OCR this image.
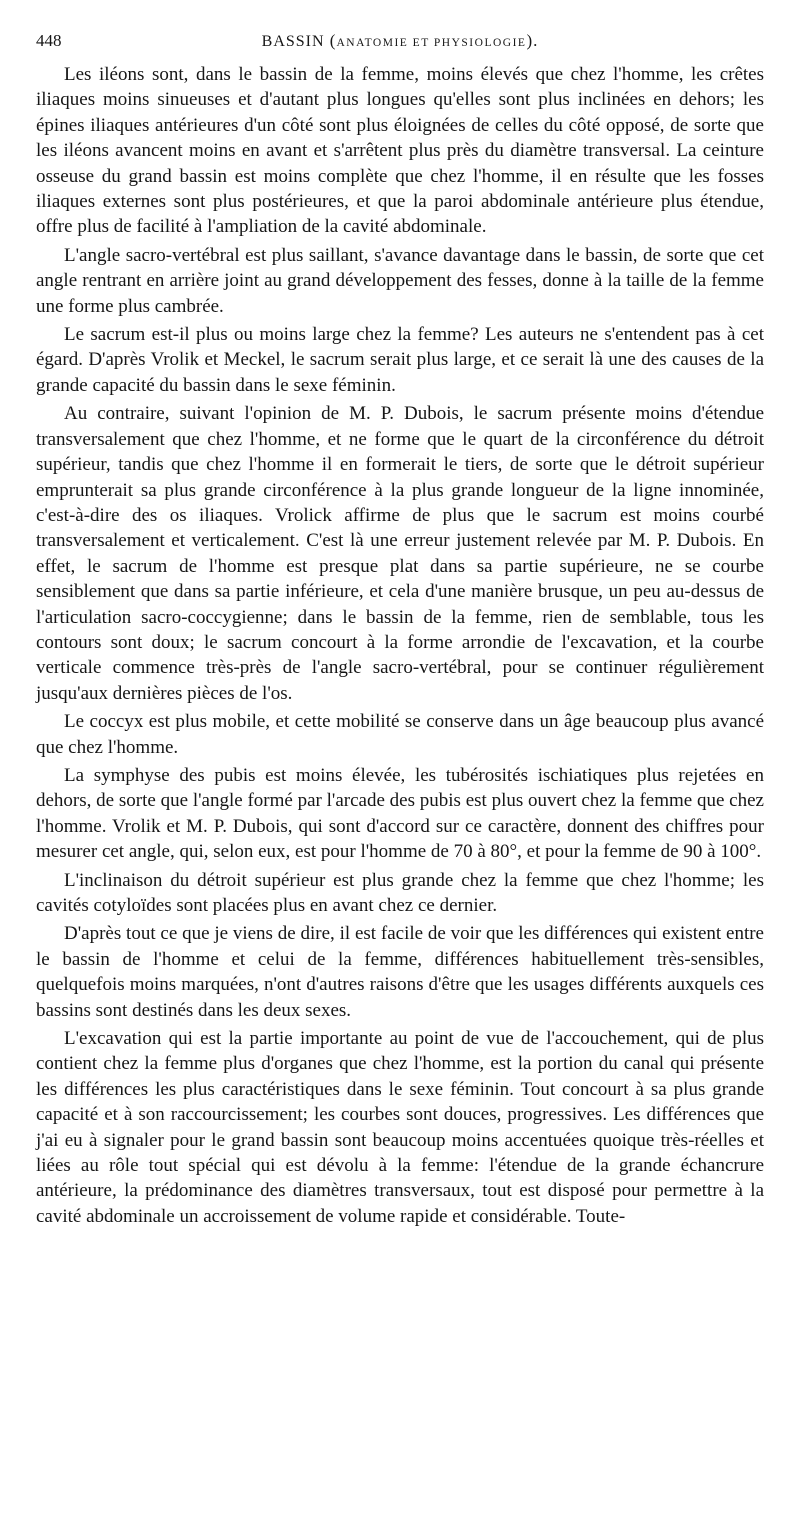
448	BASSIN (ANATOMIE ET PHYSIOLOGIE).

Les iléons sont, dans le bassin de la femme, moins élevés que chez l'homme, les crêtes iliaques moins sinueuses et d'autant plus longues qu'elles sont plus inclinées en dehors; les épines iliaques antérieures d'un côté sont plus éloignées de celles du côté opposé, de sorte que les iléons avancent moins en avant et s'arrêtent plus près du diamètre transversal. La ceinture osseuse du grand bassin est moins complète que chez l'homme, il en résulte que les fosses iliaques externes sont plus postérieures, et que la paroi abdominale antérieure plus étendue, offre plus de facilité à l'ampliation de la cavité abdominale.

L'angle sacro-vertébral est plus saillant, s'avance davantage dans le bassin, de sorte que cet angle rentrant en arrière joint au grand développement des fesses, donne à la taille de la femme une forme plus cambrée.

Le sacrum est-il plus ou moins large chez la femme? Les auteurs ne s'entendent pas à cet égard. D'après Vrolik et Meckel, le sacrum serait plus large, et ce serait là une des causes de la grande capacité du bassin dans le sexe féminin.

Au contraire, suivant l'opinion de M. P. Dubois, le sacrum présente moins d'étendue transversalement que chez l'homme, et ne forme que le quart de la circonférence du détroit supérieur, tandis que chez l'homme il en formerait le tiers, de sorte que le détroit supérieur emprunterait sa plus grande circonférence à la plus grande longueur de la ligne innominée, c'est-à-dire des os iliaques. Vrolick affirme de plus que le sacrum est moins courbé transversalement et verticalement. C'est là une erreur justement relevée par M. P. Dubois. En effet, le sacrum de l'homme est presque plat dans sa partie supérieure, ne se courbe sensiblement que dans sa partie inférieure, et cela d'une manière brusque, un peu au-dessus de l'articulation sacro-coccygienne; dans le bassin de la femme, rien de semblable, tous les contours sont doux; le sacrum concourt à la forme arrondie de l'excavation, et la courbe verticale commence très-près de l'angle sacro-vertébral, pour se continuer régulièrement jusqu'aux dernières pièces de l'os.

Le coccyx est plus mobile, et cette mobilité se conserve dans un âge beaucoup plus avancé que chez l'homme.

La symphyse des pubis est moins élevée, les tubérosités ischiatiques plus rejetées en dehors, de sorte que l'angle formé par l'arcade des pubis est plus ouvert chez la femme que chez l'homme. Vrolik et M. P. Dubois, qui sont d'accord sur ce caractère, donnent des chiffres pour mesurer cet angle, qui, selon eux, est pour l'homme de 70 à 80°, et pour la femme de 90 à 100°.

L'inclinaison du détroit supérieur est plus grande chez la femme que chez l'homme; les cavités cotyloïdes sont placées plus en avant chez ce dernier.

D'après tout ce que je viens de dire, il est facile de voir que les différences qui existent entre le bassin de l'homme et celui de la femme, différences habituellement très-sensibles, quelquefois moins marquées, n'ont d'autres raisons d'être que les usages différents auxquels ces bassins sont destinés dans les deux sexes.

L'excavation qui est la partie importante au point de vue de l'accouchement, qui de plus contient chez la femme plus d'organes que chez l'homme, est la portion du canal qui présente les différences les plus caractéristiques dans le sexe féminin. Tout concourt à sa plus grande capacité et à son raccourcissement; les courbes sont douces, progressives. Les différences que j'ai eu à signaler pour le grand bassin sont beaucoup moins accentuées quoique très-réelles et liées au rôle tout spécial qui est dévolu à la femme: l'étendue de la grande échancrure antérieure, la prédominance des diamètres transversaux, tout est disposé pour permettre à la cavité abdominale un accroissement de volume rapide et considérable. Toute-
